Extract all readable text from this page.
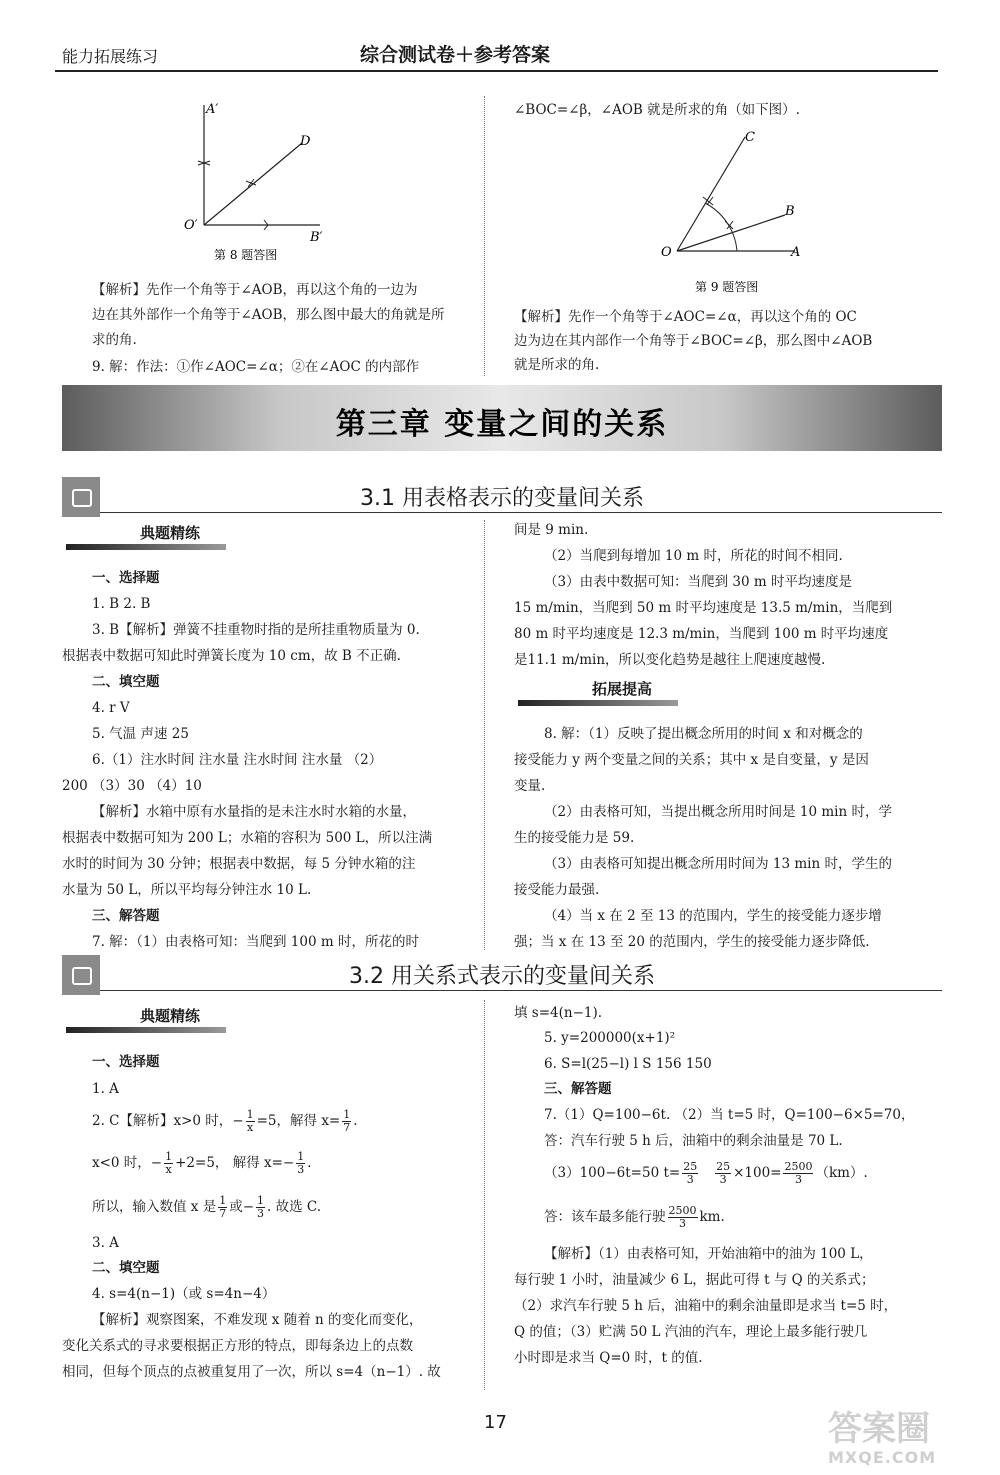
能力拓展练习	综合测试卷＋参考答案
A′
D
O′
B′
第 8 题答图
C
B
O	A
第 9 题答图
【解析】先作一个角等于∠AOB，再以这个角的一边为
边在其外部作一个角等于∠AOB，那么图中最大的角就是所
求的角.
9. 解：作法：①作∠AOC=∠α；②在∠AOC 的内部作
∠BOC=∠β，∠AOB 就是所求的角（如下图）.
【解析】先作一个角等于∠AOC=∠α，再以这个角的 OC
边为边在其内部作一个角等于∠BOC=∠β，那么图中∠AOB
就是所求的角.
第三章 变量之间的关系
3.1 用表格表示的变量间关系
典题精练
一、选择题
1. B 2. B
3. B【解析】弹簧不挂重物时指的是所挂重物质量为 0.
根据表中数据可知此时弹簧长度为 10 cm，故 B 不正确.
二、填空题
4. r V
5. 气温 声速 25
6.（1）注水时间 注水量 注水时间 注水量 （2）
200 （3）30 （4）10
【解析】水箱中原有水量指的是未注水时水箱的水量，
根据表中数据可知为 200 L；水箱的容积为 500 L，所以注满
水时的时间为 30 分钟；根据表中数据，每 5 分钟水箱的注
水量为 50 L，所以平均每分钟注水 10 L.
三、解答题
7. 解：（1）由表格可知：当爬到 100 m 时，所花的时
间是 9 min.
（2）当爬到每增加 10 m 时，所花的时间不相同.
（3）由表中数据可知：当爬到 30 m 时平均速度是
15 m/min，当爬到 50 m 时平均速度是 13.5 m/min，当爬到
80 m 时平均速度是 12.3 m/min，当爬到 100 m 时平均速度
是11.1 m/min，所以变化趋势是越往上爬速度越慢.
拓展提高
8. 解：（1）反映了提出概念所用的时间 x 和对概念的
接受能力 y 两个变量之间的关系；其中 x 是自变量，y 是因
变量.
（2）由表格可知，当提出概念所用时间是 10 min 时，学
生的接受能力是 59.
（3）由表格可知提出概念所用时间为 13 min 时，学生的
接受能力最强.
（4）当 x 在 2 至 13 的范围内，学生的接受能力逐步增
强；当 x 在 13 至 20 的范围内，学生的接受能力逐步降低.
3.2 用关系式表示的变量间关系
典题精练
一、选择题
1. A
2. C【解析】x>0 时，− $\frac{1}{x} =5$，解得 $x= \frac{1}{7}$ .
x<0 时，− $\frac{1}{x} +2=5$， 解得 $x=- \frac{1}{3}$ .
所以，输入数值 x 是 $\frac{1}{7}$ 或− $\frac{1}{3}$ . 故选 C.
3. A
二、填空题
4. s=4(n−1)（或 s=4n−4）
【解析】观察图案，不难发现 x 随着 n 的变化而变化，
变化关系式的寻求要根据正方形的特点，即每条边上的点数
相同，但每个顶点的点被重复用了一次，所以 s=4（n−1）. 故
填 s=4(n−1).
5. y=200000(x+1)²
6. S=l(25−l) l S 156 150
三、解答题
7.（1）Q=100−6t. （2）当 t=5 时，Q=100−6×5=70，
答：汽车行驶 5 h 后，油箱中的剩余油量是 70 L.
（3）100−6t=50 $t= \frac{25}{3}$
$\frac{25}{3} \times 100= \frac{2500}{3} (km)$.
答：该车最多能行驶 $\frac{2500}{3}$ km.
【解析】（1）由表格可知，开始油箱中的油为 100 L，
每行驶 1 小时，油量减少 6 L，据此可得 t 与 Q 的关系式；
（2）求汽车行驶 5 h 后，油箱中的剩余油量即是求当 t=5 时，
Q 的值；（3）贮满 50 L 汽油的汽车，理论上最多能行驶几
小时即是求当 Q=0 时，t 的值.
17	答案圈
MXQE.COM
